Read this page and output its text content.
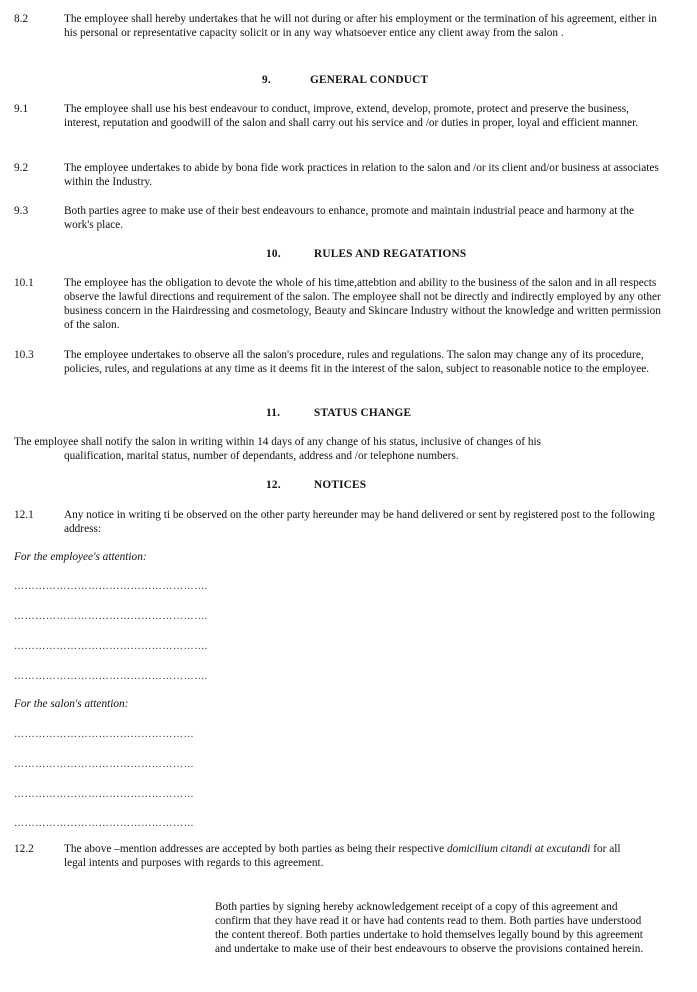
8.2	The employee shall hereby undertakes that he will not during or after his employment or the termination of his agreement, either in his personal or representative capacity solicit or in any way whatsoever entice any client away from the salon .
9.	GENERAL CONDUCT
9.1	The employee shall use his best endeavour to conduct, improve, extend, develop, promote, protect and preserve the business, interest, reputation and goodwill of the salon and shall carry out his service and /or duties in proper, loyal and efficient manner.
9.2	The employee undertakes to abide by bona fide work practices in relation to the salon and /or its client and/or business at associates within the Industry.
9.3	Both parties agree to make use of their best endeavours to enhance, promote and maintain industrial peace and harmony at the work's place.
10.	RULES AND REGATATIONS
10.1	The employee has the obligation to devote the whole of his time,attebtion and ability to the business of the salon and in all respects observe the lawful directions and requirement of the salon. The employee shall not be directly and indirectly employed by any other business concern in the Hairdressing and cosmetology, Beauty and Skincare Industry without the knowledge and written permission of the salon.
10.3	The employee undertakes to observe all the salon's procedure, rules and regulations. The salon may change any of its procedure, policies, rules, and regulations at any time as it deems fit in the interest of the salon, subject to reasonable notice to the employee.
11.	STATUS CHANGE
The employee shall notify the salon in writing within 14 days of any change of his status, inclusive of changes of his
qualification, marital status, number of dependants, address and /or telephone numbers.
12.	NOTICES
12.1	Any notice in writing ti be observed on the other party hereunder may be hand delivered or sent by registered post to the following address:
For the employee's attention:
……………………………………………….
……………………………………………….
……………………………………………….
……………………………………………….
For the salon's attention:
……………………………………………
……………………………………………
……………………………………………
……………………………………………
12.2	The above –mention addresses are accepted by both parties as being their respective domicilium citandi at excutandi for all legal intents and purposes with regards to this agreement.
Both parties by signing hereby acknowledgement receipt of a copy of this agreement and confirm that they have read it or have had contents read to them. Both parties have understood the content thereof. Both parties undertake to hold themselves legally bound by this agreement and undertake to make use of their best endeavours to observe the provisions contained herein.
